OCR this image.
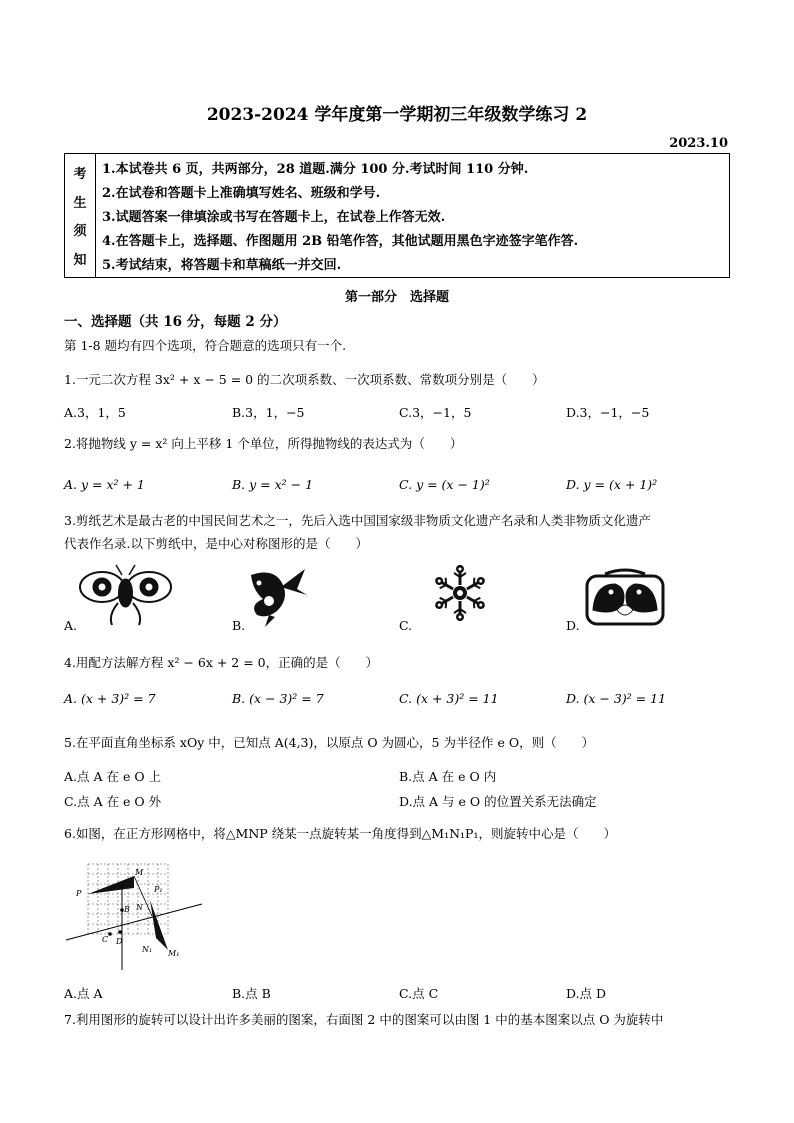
2023-2024 学年度第一学期初三年级数学练习 2
2023.10
考
生
须
知
1.本试卷共 6 页，共两部分，28 道题.满分 100 分.考试时间 110 分钟.
2.在试卷和答题卡上准确填写姓名、班级和学号.
3.试题答案一律填涂或书写在答题卡上，在试卷上作答无效.
4.在答题卡上，选择题、作图题用 2B 铅笔作答，其他试题用黑色字迹签字笔作答.
5.考试结束，将答题卡和草稿纸一并交回.
第一部分　选择题
一、选择题（共 16 分，每题 2 分）
第 1-8 题均有四个选项，符合题意的选项只有一个.
1.一元二次方程 3x² + x − 5 = 0 的二次项系数、一次项系数、常数项分别是（　　）
A.3，1，5	B.3，1，−5	C.3，−1，5	D.3，−1，−5
2.将抛物线 y = x² 向上平移 1 个单位，所得抛物线的表达式为（　　）
A. y = x² + 1	B. y = x² − 1	C. y = (x − 1)²	D. y = (x + 1)²
3.剪纸艺术是最古老的中国民间艺术之一，先后入选中国国家级非物质文化遗产名录和人类非物质文化遗产
代表作名录.以下剪纸中，是中心对称图形的是（　　）
A.	B.	C.	D.
4.用配方法解方程 x² − 6x + 2 = 0，正确的是（　　）
A. (x + 3)² = 7	B. (x − 3)² = 7	C. (x + 3)² = 11	D. (x − 3)² = 11
5.在平面直角坐标系 xOy 中，已知点 A(4,3)，以原点 O 为圆心，5 为半径作 e O，则（　　）
A.点 A 在 e O 上	B.点 A 在 e O 内
C.点 A 在 e O 外	D.点 A 与 e O 的位置关系无法确定
6.如图，在正方形网格中，将△MNP 绕某一点旋转某一角度得到△M₁N₁P₁，则旋转中心是（　　）
M
P	P₁
B
C D
N
N₁ M₁
A.点 A	B.点 B	C.点 C	D.点 D
7.利用图形的旋转可以设计出许多美丽的图案，右面图 2 中的图案可以由图 1 中的基本图案以点 O 为旋转中
